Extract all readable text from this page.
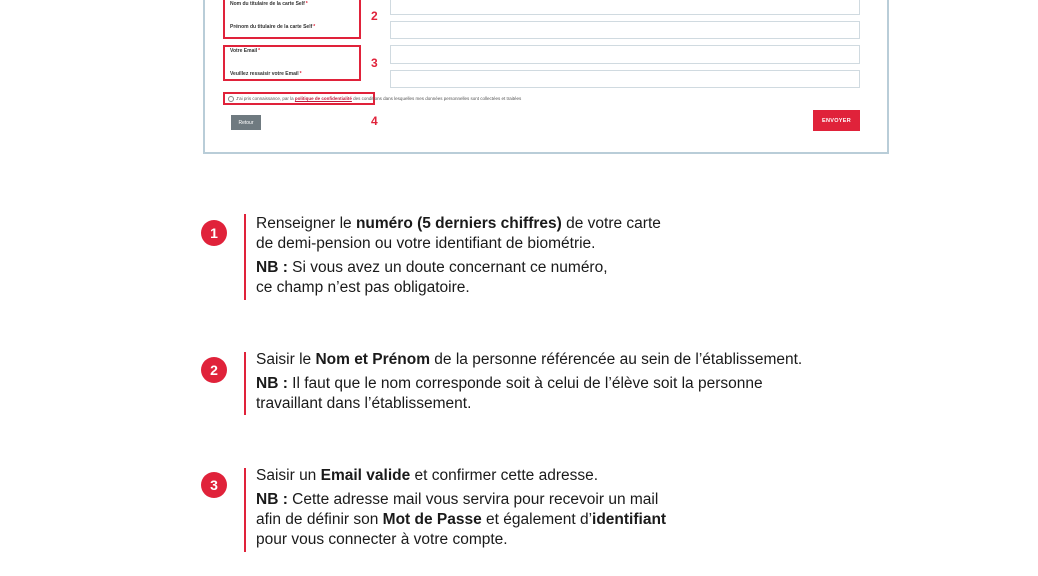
Nom du titulaire de la carte Self*
Prénom du titulaire de la carte Self*
2
Votre Email*
Veuillez ressaisir votre Email*
3
J'ai pris connaissance, par la politique de confidentialité des conditions dans lesquelles mes données personnelles sont collectées et traitées
4
Retour	ENVOYER
1
Renseigner le numéro (5 derniers chiffres) de votre carte
de demi-pension ou votre identifiant de biométrie.
NB : Si vous avez un doute concernant ce numéro,
ce champ n’est pas obligatoire.
2
Saisir le Nom et Prénom de la personne référencée au sein de l’établissement.
NB : Il faut que le nom corresponde soit à celui de l’élève soit la personne
travaillant dans l’établissement.
3
Saisir un Email valide et confirmer cette adresse.
NB : Cette adresse mail vous servira pour recevoir un mail
afin de définir son Mot de Passe et également d’identifiant
pour vous connecter à votre compte.
